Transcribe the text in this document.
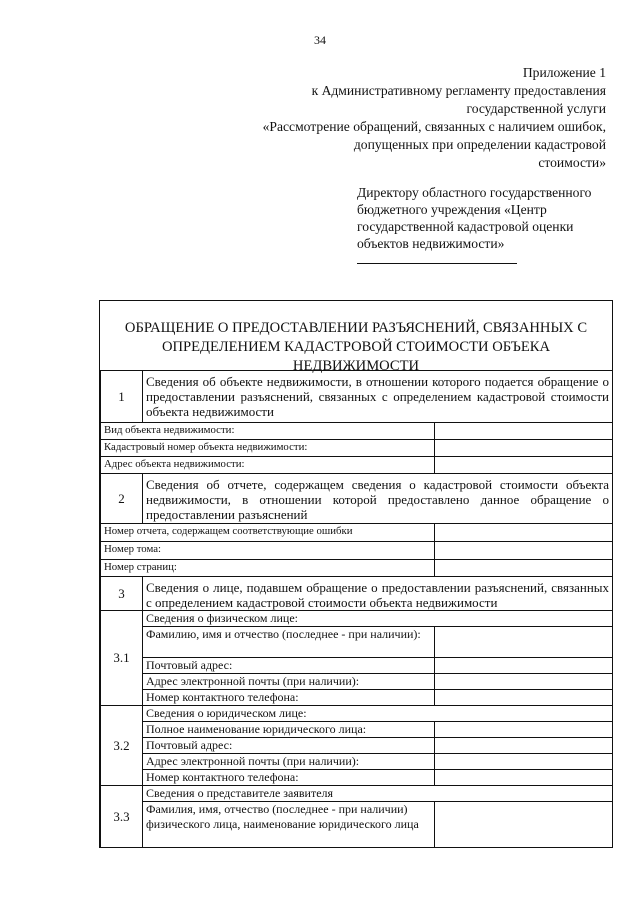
34
Приложение 1
к Административному регламенту предоставления
государственной услуги
«Рассмотрение обращений, связанных с наличием ошибок,
допущенных при определении кадастровой
стоимости»
Директору областного государственного
бюджетного учреждения «Центр
государственной кадастровой оценки
объектов недвижимости»
ОБРАЩЕНИЕ О ПРЕДОСТАВЛЕНИИ РАЗЪЯСНЕНИЙ, СВЯЗАННЫХ С
ОПРЕДЕЛЕНИЕМ КАДАСТРОВОЙ СТОИМОСТИ ОБЪЕКА НЕДВИЖИМОСТИ
1	Сведения об объекте недвижимости, в отношении которого подается обращение о предоставлении разъяснений, связанных с определением кадастровой стоимости объекта недвижимости	
Вид объекта недвижимости:		
Кадастровый номер объекта недвижимости:		
Адрес объекта недвижимости:		
2	Сведения об отчете, содержащем сведения о кадастровой стоимости объекта недвижимости, в отношении которой предоставлено данное обращение о предоставлении разъяснений	
Номер отчета, содержащем соответствующие ошибки		
Номер тома:		
Номер страниц:		
3	Сведения о лице, подавшем обращение о предоставлении разъяснений, связанных с определением кадастровой стоимости объекта недвижимости	
3.1	Сведения о физическом лице:	
	Фамилию, имя и отчество (последнее - при наличии):	
	Почтовый адрес:	
	Адрес электронной почты (при наличии):	
	Номер контактного телефона:	
3.2	Сведения о юридическом лице:	
	Полное наименование юридического лица:	
	Почтовый адрес:	
	Адрес электронной почты (при наличии):	
	Номер контактного телефона:	
3.3	Сведения о представителе заявителя	
	Фамилия, имя, отчество (последнее - при наличии) физического лица, наименование юридического лица	
